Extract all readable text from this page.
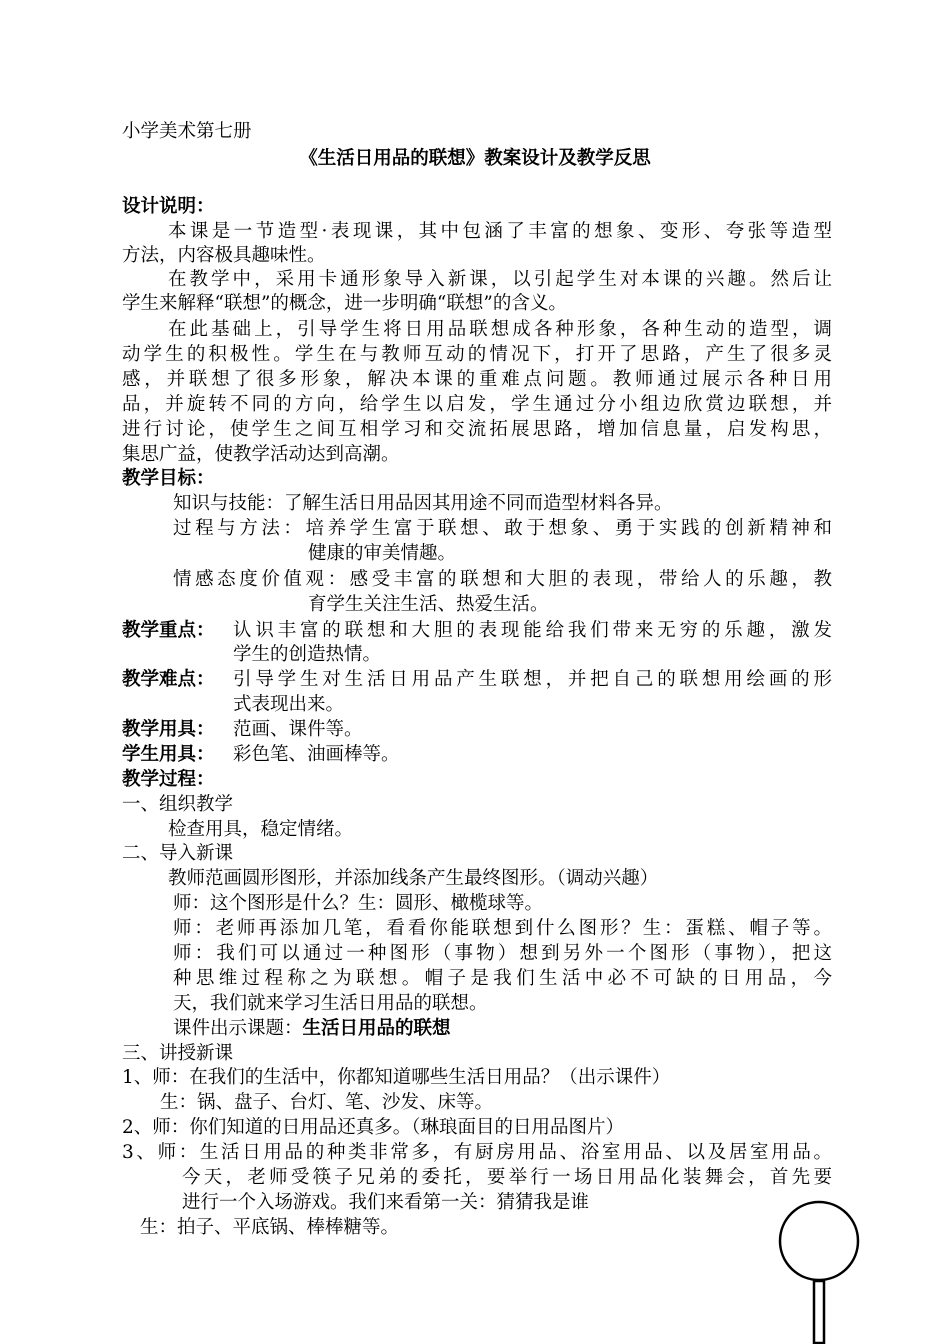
小学美术第七册
《生活日用品的联想》教案设计及教学反思
设计说明：
本课是一节造型·表现课，其中包涵了丰富的想象、变形、夸张等造型
方法，内容极具趣味性。
在教学中，采用卡通形象导入新课，以引起学生对本课的兴趣。然后让
学生来解释“联想”的概念，进一步明确“联想”的含义。
在此基础上，引导学生将日用品联想成各种形象，各种生动的造型，调
动学生的积极性。学生在与教师互动的情况下，打开了思路，产生了很多灵
感，并联想了很多形象，解决本课的重难点问题。教师通过展示各种日用
品，并旋转不同的方向，给学生以启发，学生通过分小组边欣赏边联想，并
进行讨论，使学生之间互相学习和交流拓展思路，增加信息量，启发构思，
集思广益，使教学活动达到高潮。
教学目标：
知识与技能：了解生活日用品因其用途不同而造型材料各异。
过程与方法：培养学生富于联想、敢于想象、勇于实践的创新精神和
健康的审美情趣。
情感态度价值观：感受丰富的联想和大胆的表现，带给人的乐趣，教
育学生关注生活、热爱生活。
教学重点： 认识丰富的联想和大胆的表现能给我们带来无穷的乐趣，激发
学生的创造热情。
教学难点： 引导学生对生活日用品产生联想，并把自己的联想用绘画的形
式表现出来。
教学用具： 范画、课件等。
学生用具： 彩色笔、油画棒等。
教学过程：
一、组织教学
检查用具，稳定情绪。
二、导入新课
教师范画圆形图形，并添加线条产生最终图形。（调动兴趣）
师：这个图形是什么？生：圆形、橄榄球等。
师：老师再添加几笔，看看你能联想到什么图形？生：蛋糕、帽子等。
师：我们可以通过一种图形（事物）想到另外一个图形（事物），把这
种思维过程称之为联想。帽子是我们生活中必不可缺的日用品，今
天，我们就来学习生活日用品的联想。
课件出示课题：生活日用品的联想
三、讲授新课
1、师：在我们的生活中，你都知道哪些生活日用品？（出示课件）
生：锅、盘子、台灯、笔、沙发、床等。
2、师：你们知道的日用品还真多。（琳琅面目的日用品图片）
3、师：生活日用品的种类非常多，有厨房用品、浴室用品、以及居室用品。
今天，老师受筷子兄弟的委托，要举行一场日用品化装舞会，首先要
进行一个入场游戏。我们来看第一关：猜猜我是谁
生：拍子、平底锅、棒棒糖等。
